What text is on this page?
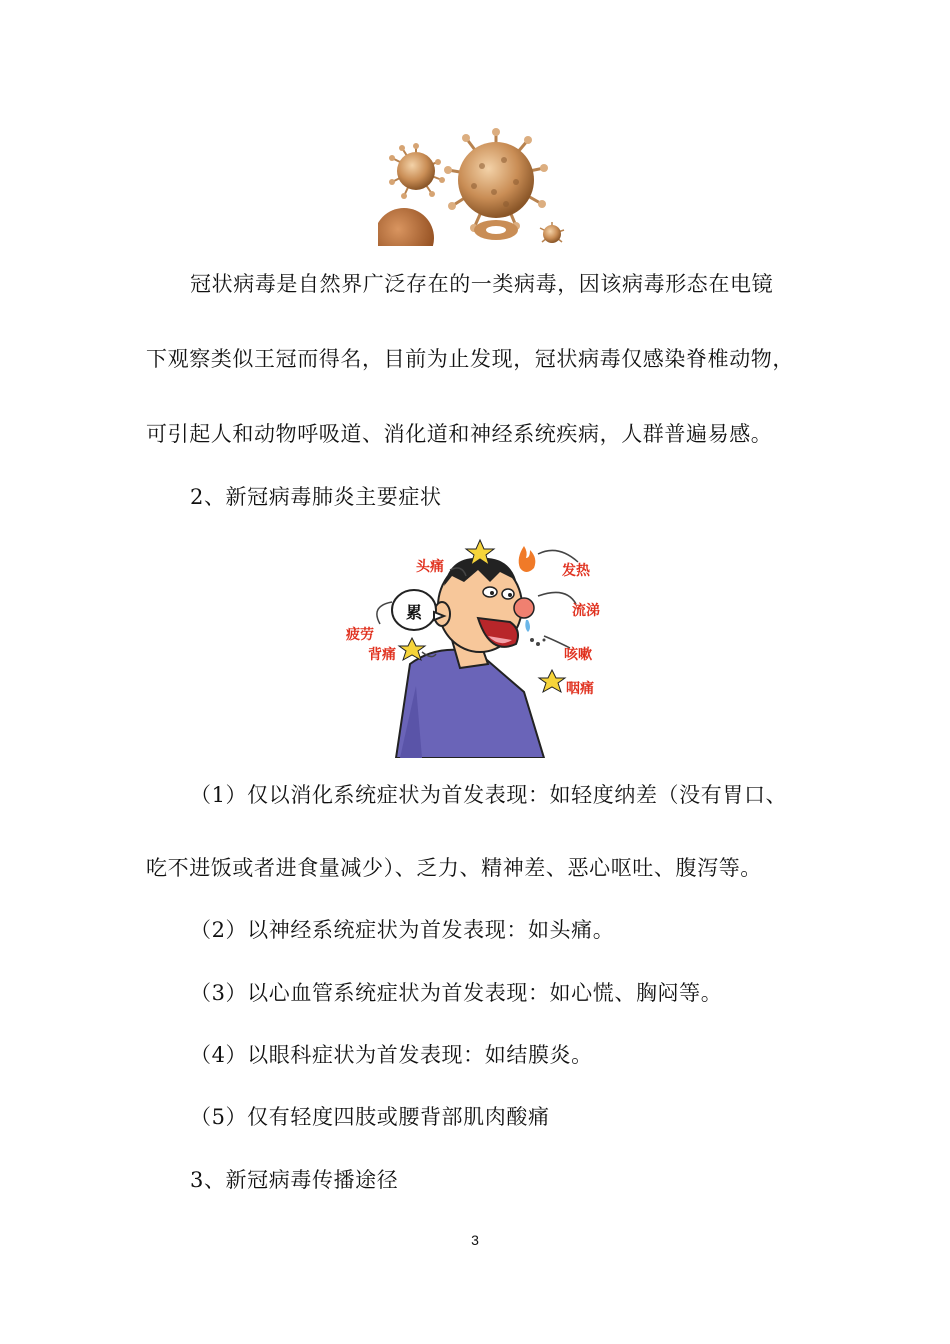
冠状病毒是自然界广泛存在的一类病毒，因该病毒形态在电镜
下观察类似王冠而得名，目前为止发现，冠状病毒仅感染脊椎动物，
可引起人和动物呼吸道、消化道和神经系统疾病，人群普遍易感。
2、新冠病毒肺炎主要症状
头痛	发热
累	流涕
疲劳
背痛	咳嗽
咽痛
（1）仅以消化系统症状为首发表现：如轻度纳差（没有胃口、
吃不进饭或者进食量减少）、乏力、精神差、恶心呕吐、腹泻等。
（2）以神经系统症状为首发表现：如头痛。
（3）以心血管系统症状为首发表现：如心慌、胸闷等。
（4）以眼科症状为首发表现：如结膜炎。
（5）仅有轻度四肢或腰背部肌肉酸痛
3、新冠病毒传播途径
3
